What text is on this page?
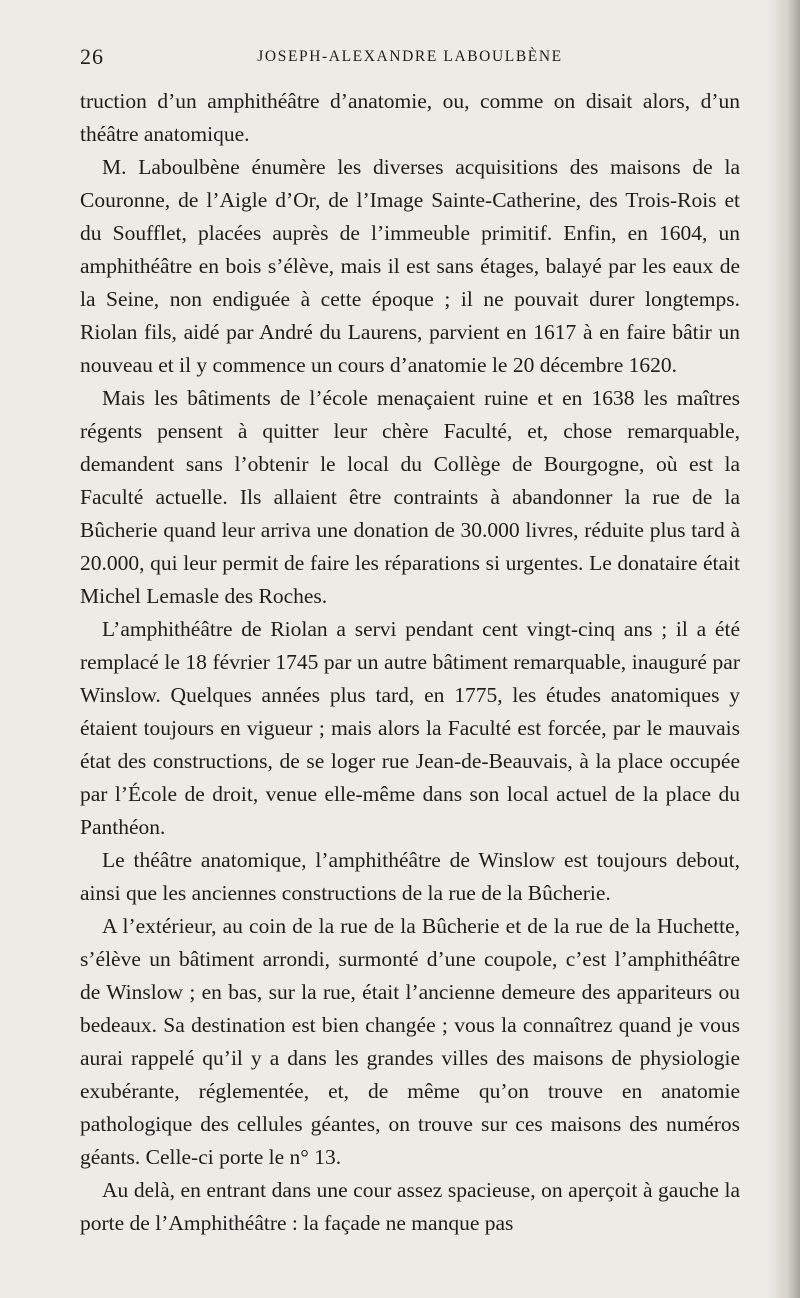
26	JOSEPH-ALEXANDRE LABOULBÈNE

truction d’un amphithéâtre d’anatomie, ou, comme on disait alors, d’un théâtre anatomique.

M. Laboulbène énumère les diverses acquisitions des maisons de la Couronne, de l’Aigle d’Or, de l’Image Sainte-Catherine, des Trois-Rois et du Soufflet, placées auprès de l’immeuble primitif. Enfin, en 1604, un amphithéâtre en bois s’élève, mais il est sans étages, balayé par les eaux de la Seine, non endiguée à cette époque ; il ne pouvait durer longtemps. Riolan fils, aidé par André du Laurens, parvient en 1617 à en faire bâtir un nouveau et il y commence un cours d’anatomie le 20 décembre 1620.

Mais les bâtiments de l’école menaçaient ruine et en 1638 les maîtres régents pensent à quitter leur chère Faculté, et, chose remarquable, demandent sans l’obtenir le local du Collège de Bourgogne, où est la Faculté actuelle. Ils allaient être contraints à abandonner la rue de la Bûcherie quand leur arriva une donation de 30.000 livres, réduite plus tard à 20.000, qui leur permit de faire les réparations si urgentes. Le donataire était Michel Lemasle des Roches.

L’amphithéâtre de Riolan a servi pendant cent vingt-cinq ans ; il a été remplacé le 18 février 1745 par un autre bâtiment remarquable, inauguré par Winslow. Quelques années plus tard, en 1775, les études anatomiques y étaient toujours en vigueur ; mais alors la Faculté est forcée, par le mauvais état des constructions, de se loger rue Jean-de-Beauvais, à la place occupée par l’École de droit, venue elle-même dans son local actuel de la place du Panthéon.

Le théâtre anatomique, l’amphithéâtre de Winslow est toujours debout, ainsi que les anciennes constructions de la rue de la Bûcherie.

A l’extérieur, au coin de la rue de la Bûcherie et de la rue de la Huchette, s’élève un bâtiment arrondi, surmonté d’une coupole, c’est l’amphithéâtre de Winslow ; en bas, sur la rue, était l’ancienne demeure des appariteurs ou bedeaux. Sa destination est bien changée ; vous la connaîtrez quand je vous aurai rappelé qu’il y a dans les grandes villes des maisons de physiologie exubérante, réglementée, et, de même qu’on trouve en anatomie pathologique des cellules géantes, on trouve sur ces maisons des numéros géants. Celle-ci porte le n° 13.

Au delà, en entrant dans une cour assez spacieuse, on aperçoit à gauche la porte de l’Amphithéâtre : la façade ne manque pas
